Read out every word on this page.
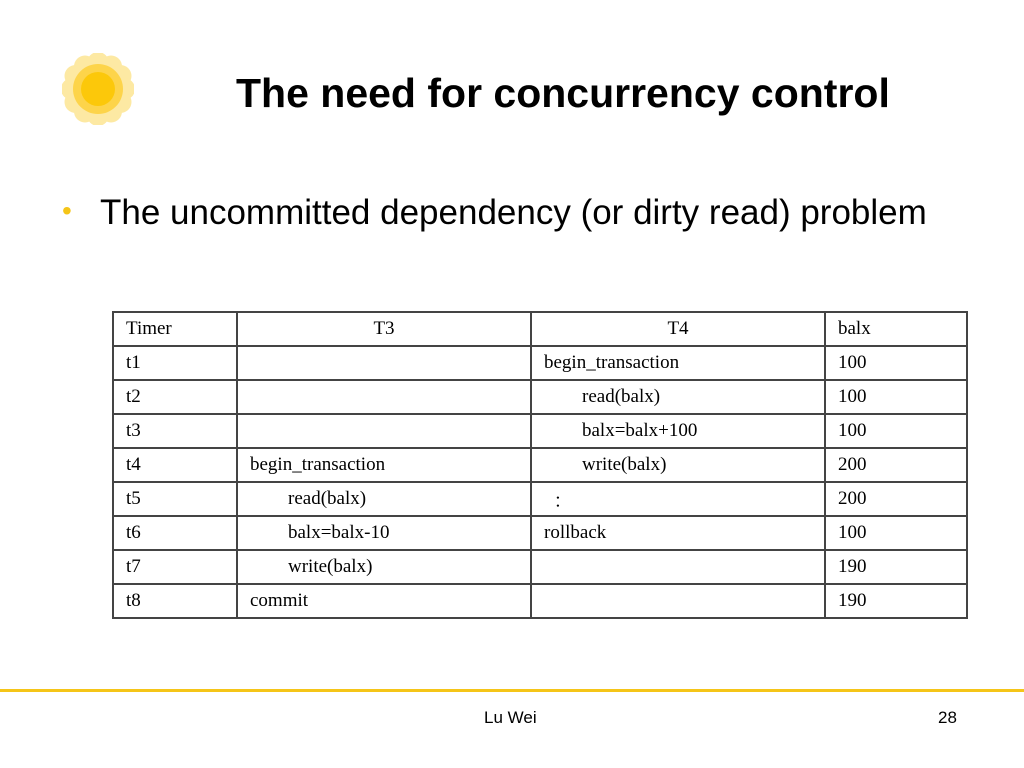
The need for concurrency control
• The uncommitted dependency (or dirty read) problem
Timer	T3	T4	balx
t1		begin_transaction	100
t2		read(balx)	100
t3		balx=balx+100	100
t4	begin_transaction	write(balx)	200
t5	read(balx)	：	200
t6	balx=balx-10	rollback	100
t7	write(balx)		190
t8	commit		190
Lu Wei	28
